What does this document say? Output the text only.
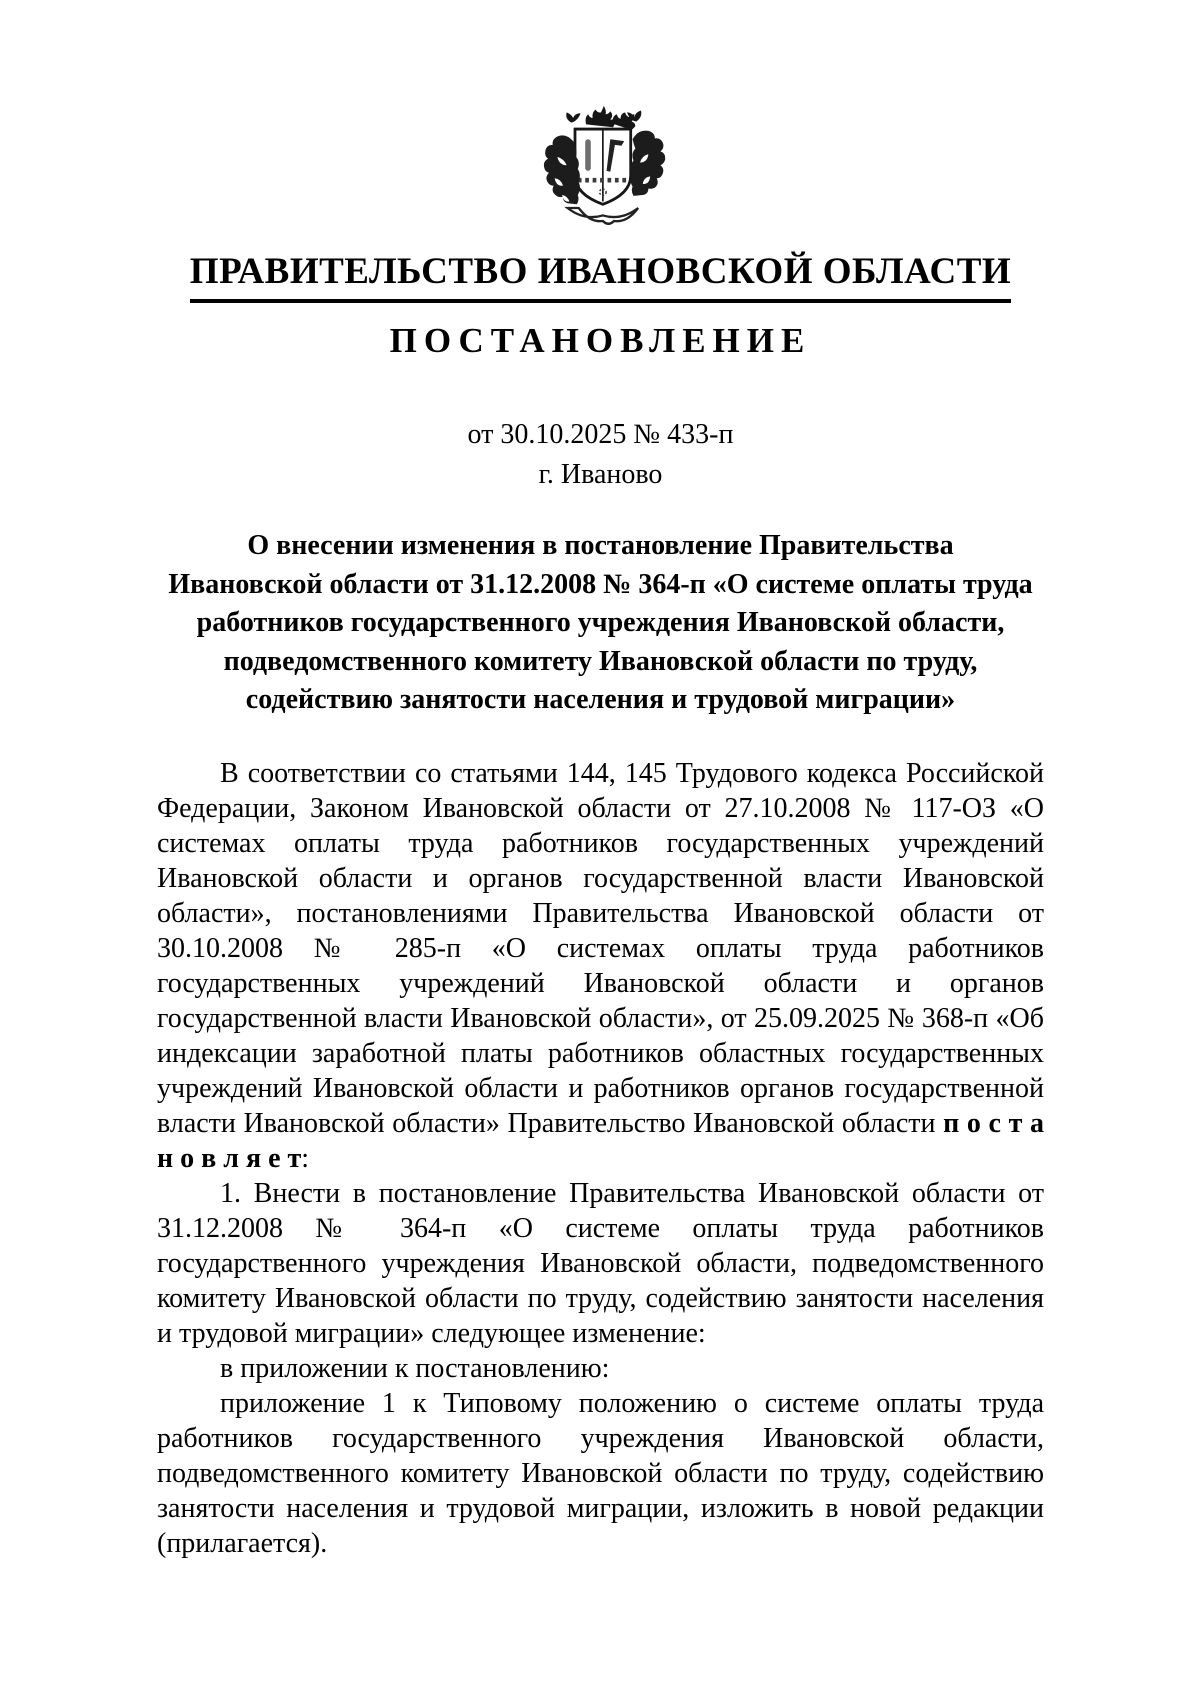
ПРАВИТЕЛЬСТВО ИВАНОВСКОЙ ОБЛАСТИ
ПОСТАНОВЛЕНИЕ
от 30.10.2025 № 433-п
г. Иваново
О внесении изменения в постановление Правительства
Ивановской области от 31.12.2008 № 364-п «О системе оплаты труда
работников государственного учреждения Ивановской области,
подведомственного комитету Ивановской области по труду,
содействию занятости населения и трудовой миграции»

В соответствии со статьями 144, 145 Трудового кодекса Российской Федерации, Законом Ивановской области от 27.10.2008 № 117-ОЗ «О системах оплаты труда работников государственных учреждений Ивановской области и органов государственной власти Ивановской области», постановлениями Правительства Ивановской области от 30.10.2008 № 285-п «О системах оплаты труда работников государственных учреждений Ивановской области и органов государственной власти Ивановской области», от 25.09.2025 № 368-п «Об индексации заработной платы работников областных государственных учреждений Ивановской области и работников органов государственной власти Ивановской области» Правительство Ивановской области п о с т а н о в л я е т:

1. Внести в постановление Правительства Ивановской области от 31.12.2008 № 364-п «О системе оплаты труда работников государственного учреждения Ивановской области, подведомственного комитету Ивановской области по труду, содействию занятости населения и трудовой миграции» следующее изменение:

в приложении к постановлению:

приложение 1 к Типовому положению о системе оплаты труда работников государственного учреждения Ивановской области, подведомственного комитету Ивановской области по труду, содействию занятости населения и трудовой миграции, изложить в новой редакции (прилагается).
